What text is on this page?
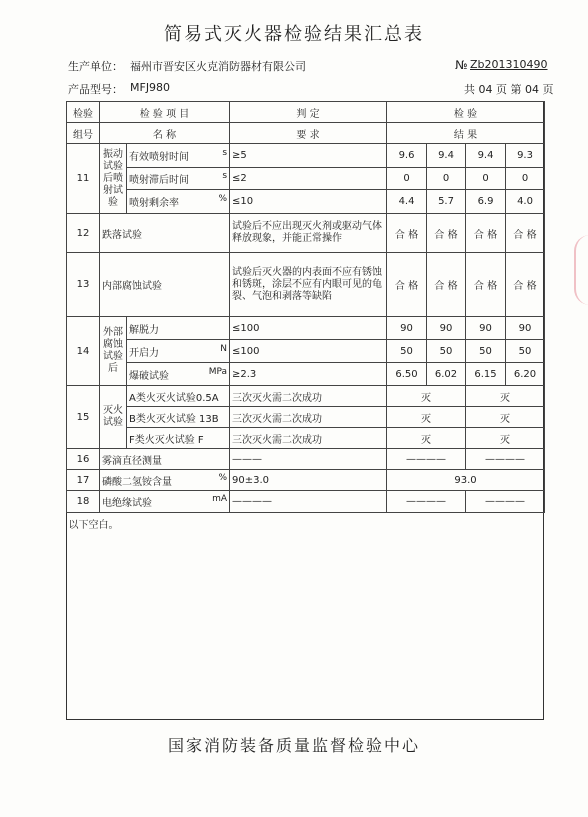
简易式灭火器检验结果汇总表
生产单位： 福州市晋安区火克消防器材有限公司	№ Zb201310490
产品型号： MFJ980	共 04 页 第 04 页
检验	检 验 项 目		判 定	检 验			
组号	名 称		要 求	结 果			
11	振动试验后喷射试验	有效喷射时间 s	≥5	9.6	9.4	9.4	9.3
		喷射滞后时间 s	≤2	0	0	0	0
		喷射剩余率 %	≤10	4.4	5.7	6.9	4.0
12	跌落试验		试验后不应出现灭火剂或驱动气体释放现象，并能正常操作	合 格	合 格	合 格	合 格
13	内部腐蚀试验		试验后灭火器的内表面不应有锈蚀和锈斑，涂层不应有内眼可见的龟裂、气泡和剥落等缺陷	合 格	合 格	合 格	合 格
14	外部腐蚀试验后	解脱力	≤100	90	90	90	90
		开启力 N	≤100	50	50	50	50
		爆破试验 MPa	≥2.3	6.50	6.02	6.15	6.20
15	灭火试验	A类火灭火试验0.5A	三次灭火需二次成功	灭		灭	
		B类火灭火试验 13B	三次灭火需二次成功	灭		灭	
		F类火灭火试验 F	三次灭火需二次成功	灭		灭	
16	雾滴直径测量		———	————		————	
17	磷酸二氢铵含量 %		90±3.0	93.0			
18	电绝缘试验 mA		————	————		————	
以下空白。							
国家消防装备质量监督检验中心
